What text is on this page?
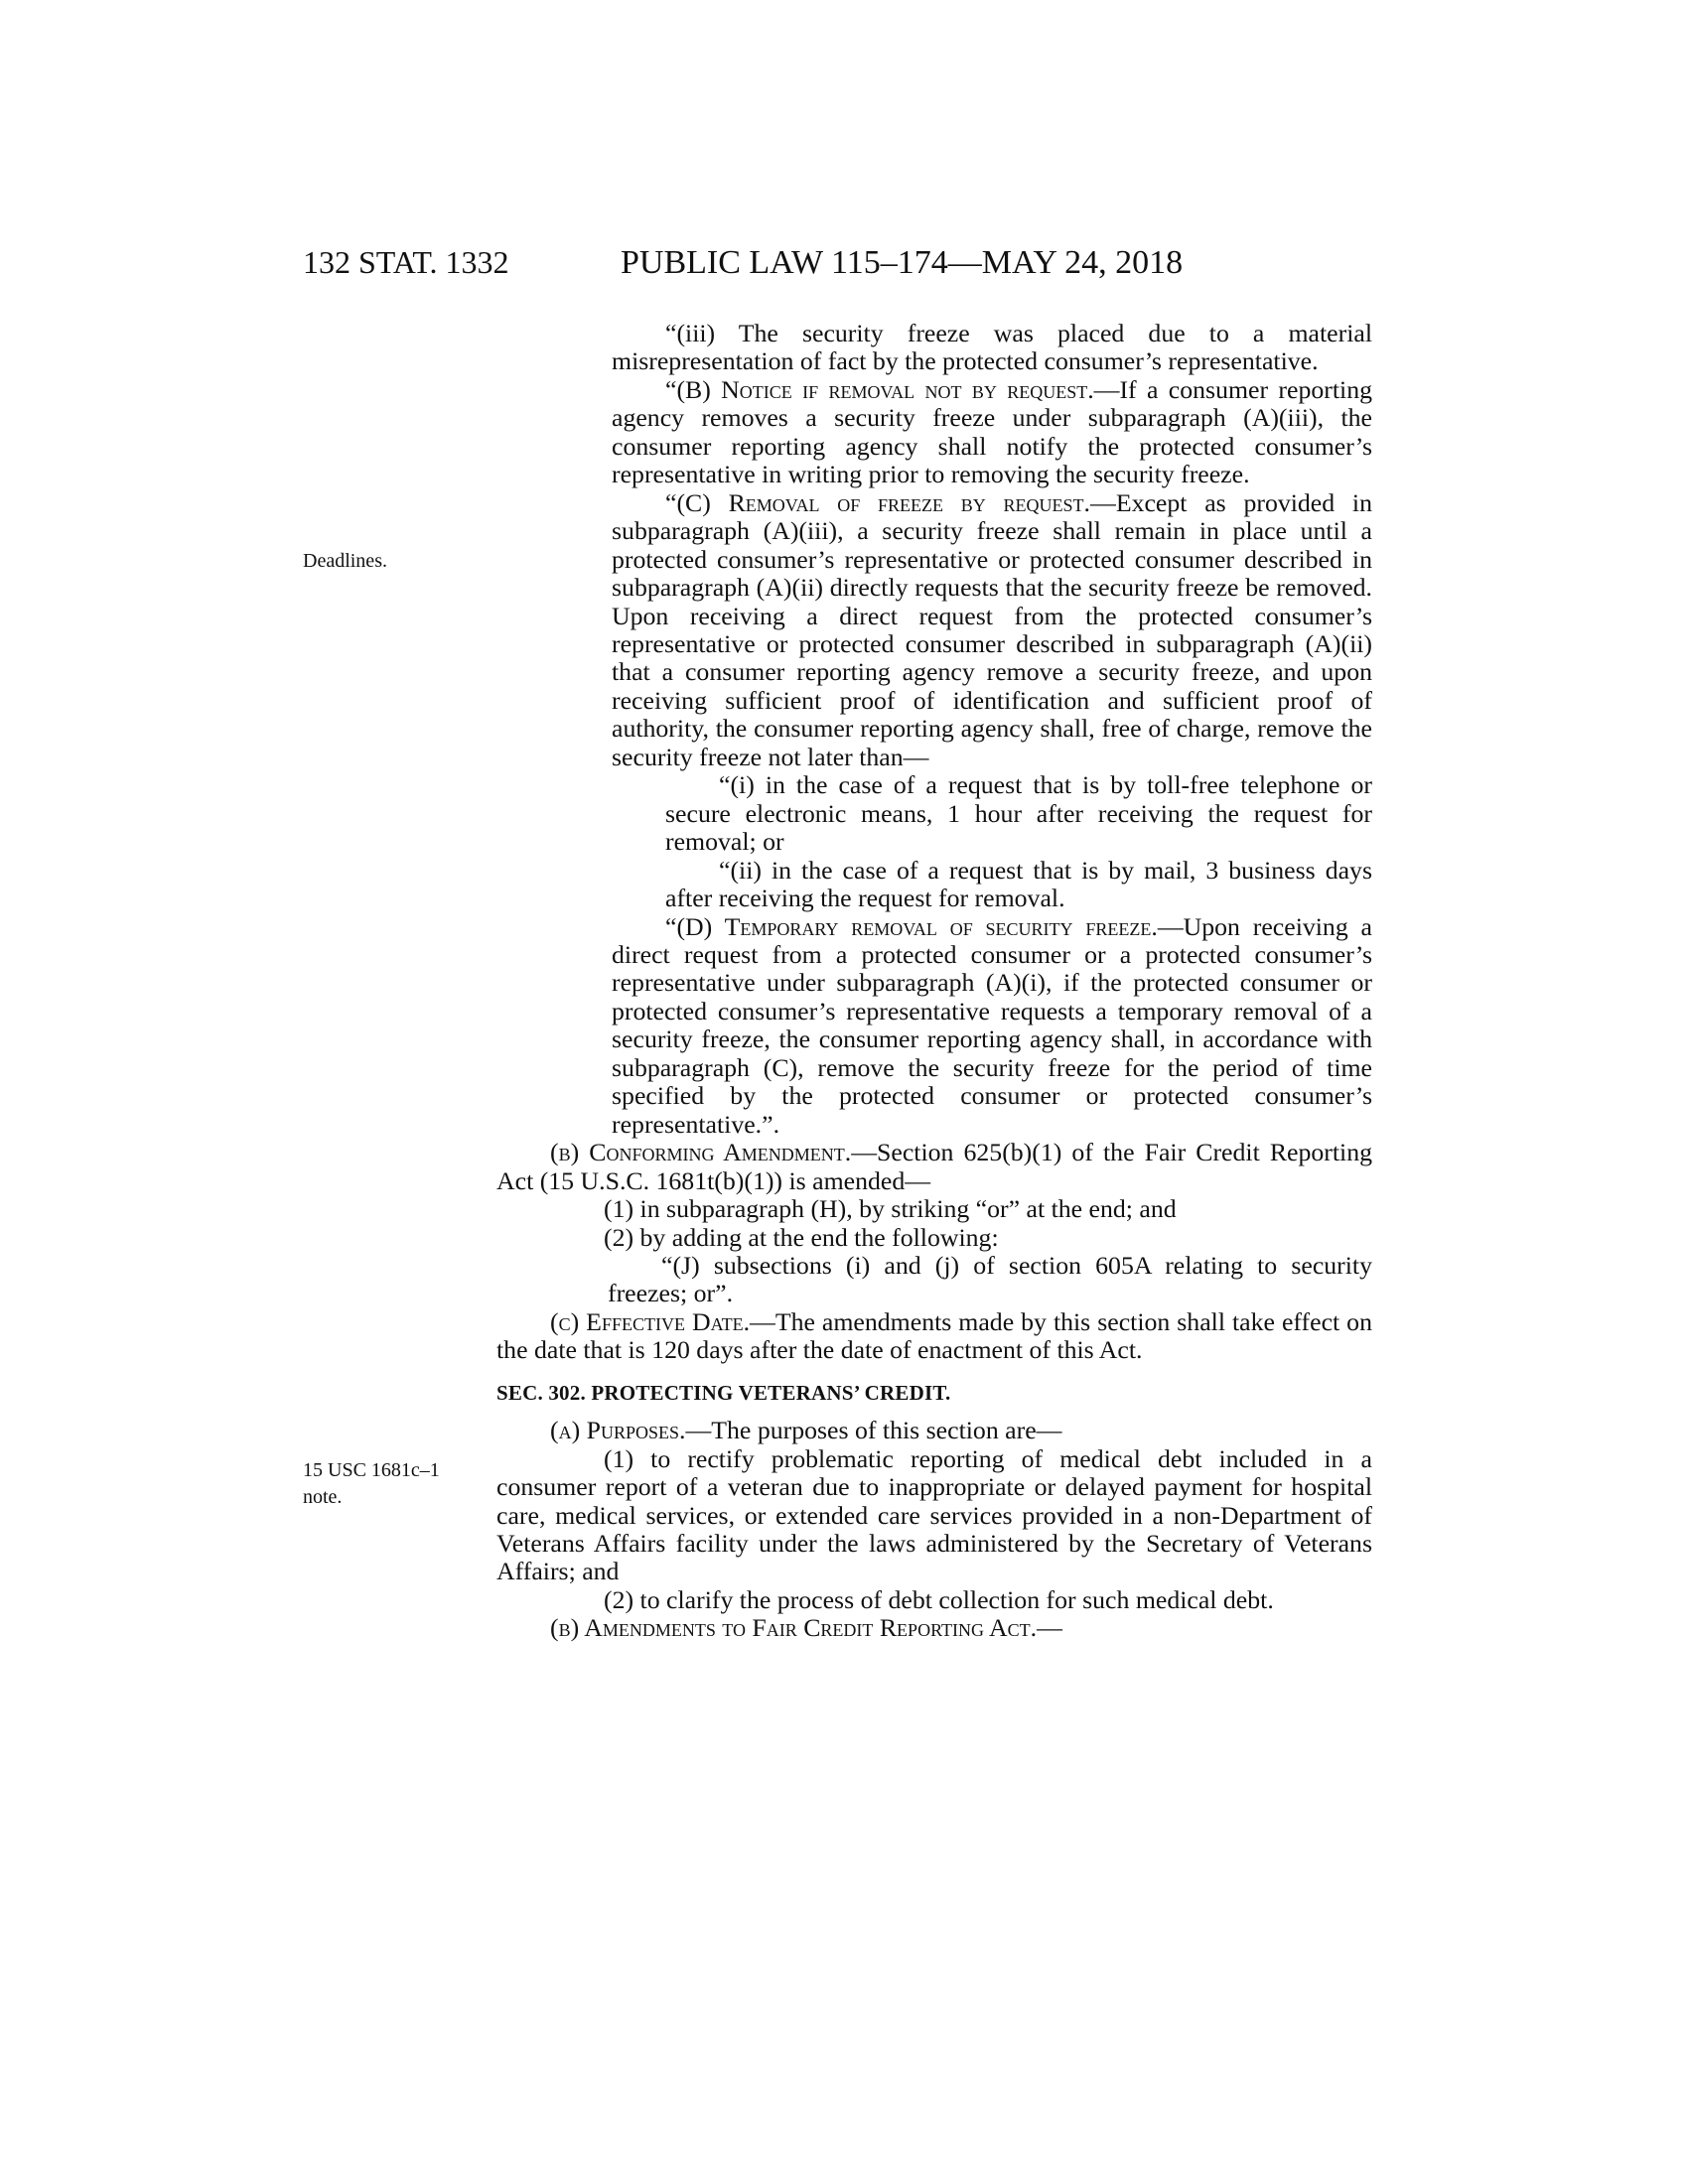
132 STAT. 1332	PUBLIC LAW 115–174—MAY 24, 2018
Deadlines.
15 USC 1681c–1 note.

“(iii) The security freeze was placed due to a material misrepresentation of fact by the protected consumer’s representative.

“(B) Notice if removal not by request.—If a consumer reporting agency removes a security freeze under subparagraph (A)(iii), the consumer reporting agency shall notify the protected consumer’s representative in writing prior to removing the security freeze.

“(C) Removal of freeze by request.—Except as provided in subparagraph (A)(iii), a security freeze shall remain in place until a protected consumer’s representative or protected consumer described in subparagraph (A)(ii) directly requests that the security freeze be removed. Upon receiving a direct request from the protected consumer’s representative or protected consumer described in subparagraph (A)(ii) that a consumer reporting agency remove a security freeze, and upon receiving sufficient proof of identification and sufficient proof of authority, the consumer reporting agency shall, free of charge, remove the security freeze not later than—

“(i) in the case of a request that is by toll-free telephone or secure electronic means, 1 hour after receiving the request for removal; or

“(ii) in the case of a request that is by mail, 3 business days after receiving the request for removal.

“(D) Temporary removal of security freeze.—Upon receiving a direct request from a protected consumer or a protected consumer’s representative under subparagraph (A)(i), if the protected consumer or protected consumer’s representative requests a temporary removal of a security freeze, the consumer reporting agency shall, in accordance with subparagraph (C), remove the security freeze for the period of time specified by the protected consumer or protected consumer’s representative.”.

(b) Conforming Amendment.—Section 625(b)(1) of the Fair Credit Reporting Act (15 U.S.C. 1681t(b)(1)) is amended—

(1) in subparagraph (H), by striking “or” at the end; and

(2) by adding at the end the following:

“(J) subsections (i) and (j) of section 605A relating to security freezes; or”.

(c) Effective Date.—The amendments made by this section shall take effect on the date that is 120 days after the date of enactment of this Act.

SEC. 302. PROTECTING VETERANS’ CREDIT.

(a) Purposes.—The purposes of this section are—

(1) to rectify problematic reporting of medical debt included in a consumer report of a veteran due to inappropriate or delayed payment for hospital care, medical services, or extended care services provided in a non-Department of Veterans Affairs facility under the laws administered by the Secretary of Veterans Affairs; and

(2) to clarify the process of debt collection for such medical debt.

(b) Amendments to Fair Credit Reporting Act.—
